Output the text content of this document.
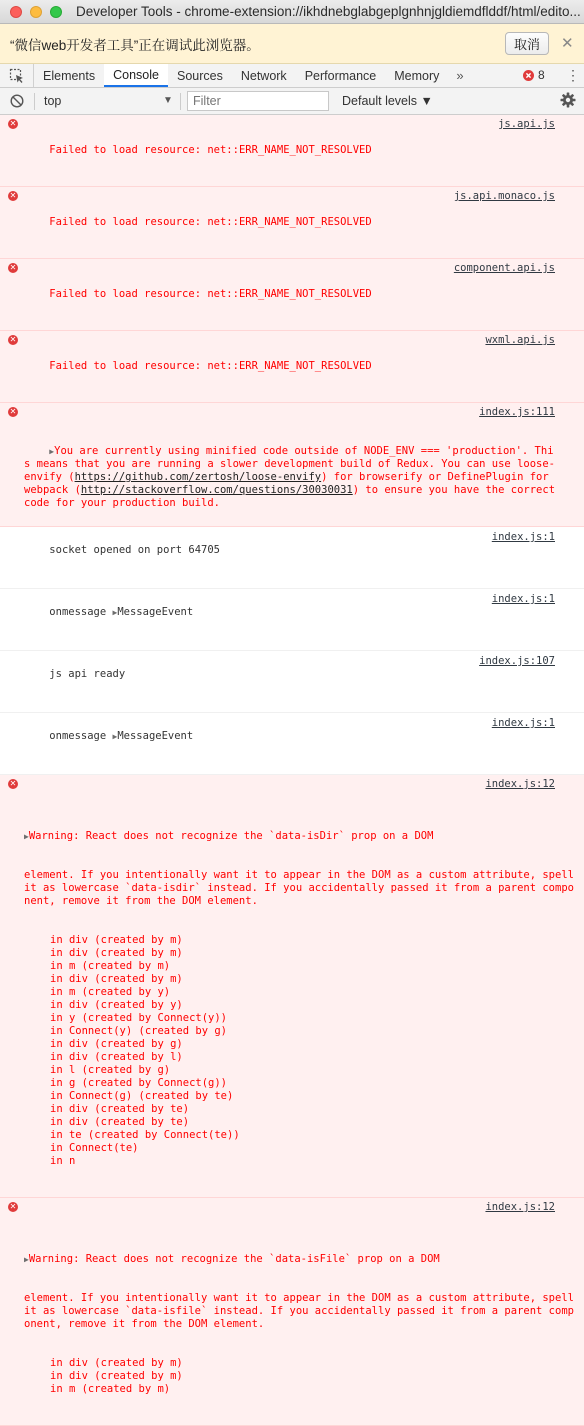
Developer Tools - chrome-extension://ikhdnebglabgeplgnhnjgldiemdflddf/html/edito...
“微信web开发者工具”正在调试此浏览器。	取消	✕
Elements	Console	Sources	Network	Performance	Memory	»	8 ⋮
top	▼
Filter	Default levels ▼

✕

Failed to load resource: net::ERR_NAME_NOT_RESOLVED

js.api.js

✕

Failed to load resource: net::ERR_NAME_NOT_RESOLVED

js.api.monaco.js

✕

Failed to load resource: net::ERR_NAME_NOT_RESOLVED

component.api.js

✕

Failed to load resource: net::ERR_NAME_NOT_RESOLVED

wxml.api.js

✕

	index.js:111

▶You are currently using minified code outside of NODE_ENV === 'production'. This means that you are running a slower development build of Redux. You can use loose-envify (https://github.com/zertosh/loose-envify) for browserify or DefinePlugin for webpack (http://stackoverflow.com/questions/30030031) to ensure you have the correct code for your production build.

socket opened on port 64705

index.js:1

onmessage ▶MessageEvent

index.js:1

js api ready

index.js:107

onmessage ▶MessageEvent

index.js:1

✕

	index.js:12

▶Warning: React does not recognize the `data-isDir` prop on a DOM

element. If you intentionally want it to appear in the DOM as a custom attribute, spell it as lowercase `data-isdir` instead. If you accidentally passed it from a parent component, remove it from the DOM element.

in div (created by m)
in div (created by m)
in m (created by m)
in div (created by m)
in m (created by y)
in div (created by y)
in y (created by Connect(y))
in Connect(y) (created by g)
in div (created by g)
in div (created by l)
in l (created by g)
in g (created by Connect(g))
in Connect(g) (created by te)
in div (created by te)
in div (created by te)
in te (created by Connect(te))
in Connect(te)
in n

✕

	index.js:12

▶Warning: React does not recognize the `data-isFile` prop on a DOM

element. If you intentionally want it to appear in the DOM as a custom attribute, spell it as lowercase `data-isfile` instead. If you accidentally passed it from a parent component, remove it from the DOM element.

in div (created by m)
in div (created by m)
in m (created by m)
